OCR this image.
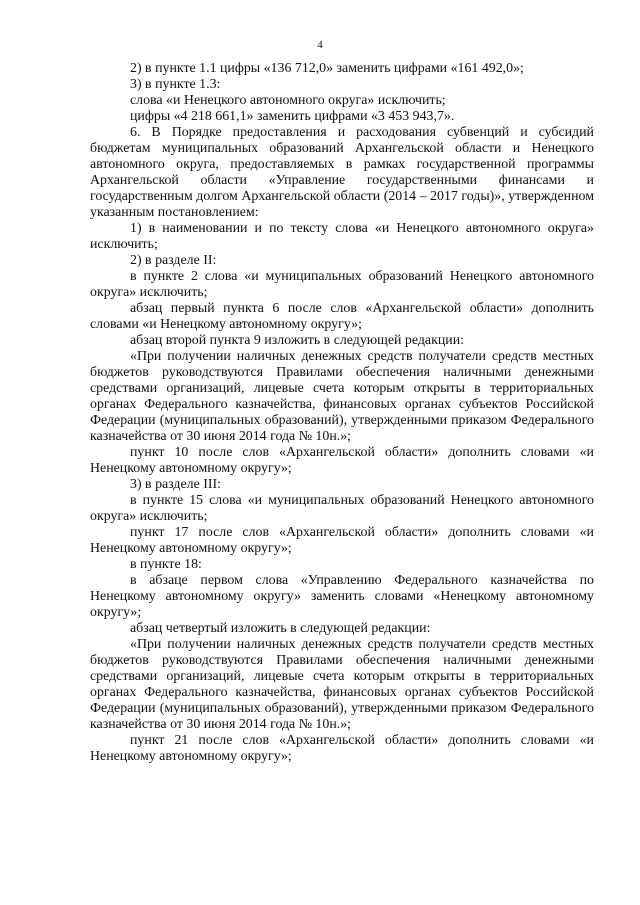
4

2) в пункте 1.1 цифры «136 712,0» заменить цифрами «161 492,0»;

3) в пункте 1.3:

слова «и Ненецкого автономного округа» исключить;

цифры «4 218 661,1» заменить цифрами «3 453 943,7».

6. В Порядке предоставления и расходования субвенций и субсидий бюджетам муниципальных образований Архангельской области и Ненецкого автономного округа, предоставляемых в рамках государственной программы Архангельской области «Управление государственными финансами и государственным долгом Архангельской области (2014 – 2017 годы)», утвержденном указанным постановлением:

1) в наименовании и по тексту слова «и Ненецкого автономного округа» исключить;

2) в разделе II:

в пункте 2 слова «и муниципальных образований Ненецкого автономного округа» исключить;

абзац первый пункта 6 после слов «Архангельской области» дополнить словами «и Ненецкому автономному округу»;

абзац второй пункта 9 изложить в следующей редакции:

«При получении наличных денежных средств получатели средств местных бюджетов руководствуются Правилами обеспечения наличными денежными средствами организаций, лицевые счета которым открыты в территориальных органах Федерального казначейства, финансовых органах субъектов Российской Федерации (муниципальных образований), утвержденными приказом Федерального казначейства от 30 июня 2014 года № 10н.»;

пункт 10 после слов «Архангельской области» дополнить словами «и Ненецкому автономному округу»;

3) в разделе III:

в пункте 15 слова «и муниципальных образований Ненецкого автономного округа» исключить;

пункт 17 после слов «Архангельской области» дополнить словами «и Ненецкому автономному округу»;

в пункте 18:

в абзаце первом слова «Управлению Федерального казначейства по Ненецкому автономному округу» заменить словами «Ненецкому автономному округу»;

абзац четвертый изложить в следующей редакции:

«При получении наличных денежных средств получатели средств местных бюджетов руководствуются Правилами обеспечения наличными денежными средствами организаций, лицевые счета которым открыты в территориальных органах Федерального казначейства, финансовых органах субъектов Российской Федерации (муниципальных образований), утвержденными приказом Федерального казначейства от 30 июня 2014 года № 10н.»;

пункт 21 после слов «Архангельской области» дополнить словами «и Ненецкому автономному округу»;
